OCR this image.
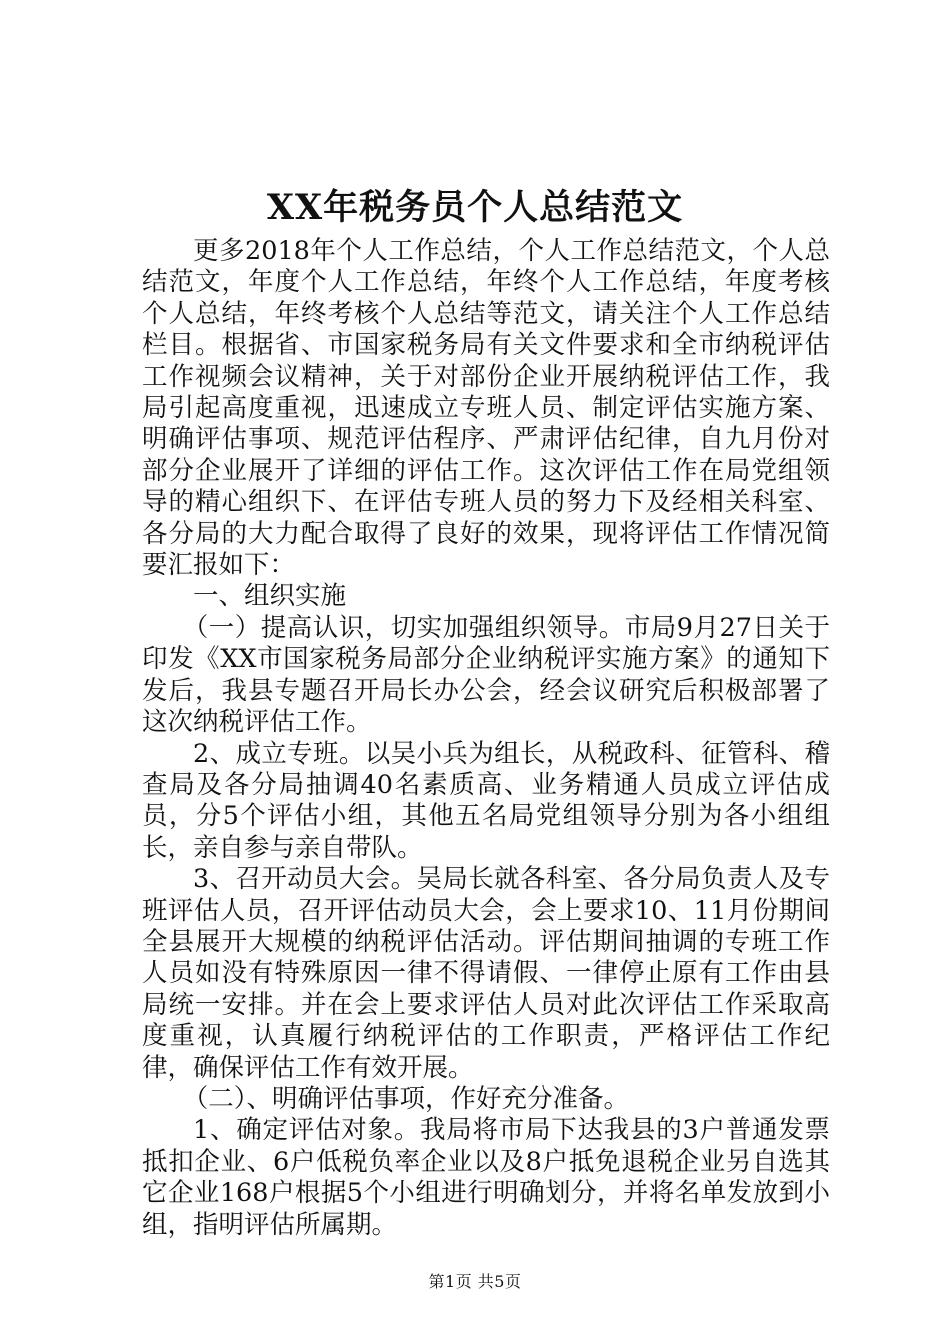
XX年税务员个人总结范文

更多2018年个人工作总结，个人工作总结范文，个人总结范文，年度个人工作总结，年终个人工作总结，年度考核个人总结，年终考核个人总结等范文，请关注个人工作总结栏目。根据省、市国家税务局有关文件要求和全市纳税评估工作视频会议精神，关于对部份企业开展纳税评估工作，我局引起高度重视，迅速成立专班人员、制定评估实施方案、明确评估事项、规范评估程序、严肃评估纪律，自九月份对部分企业展开了详细的评估工作。这次评估工作在局党组领导的精心组织下、在评估专班人员的努力下及经相关科室、各分局的大力配合取得了良好的效果，现将评估工作情况简要汇报如下：

一、组织实施

（一）提高认识，切实加强组织领导。市局9月27日关于印发《XX市国家税务局部分企业纳税评实施方案》的通知下发后，我县专题召开局长办公会，经会议研究后积极部署了这次纳税评估工作。

2、成立专班。以吴小兵为组长，从税政科、征管科、稽查局及各分局抽调40名素质高、业务精通人员成立评估成员，分5个评估小组，其他五名局党组领导分别为各小组组长，亲自参与亲自带队。

3、召开动员大会。吴局长就各科室、各分局负责人及专班评估人员，召开评估动员大会，会上要求10、11月份期间全县展开大规模的纳税评估活动。评估期间抽调的专班工作人员如没有特殊原因一律不得请假、一律停止原有工作由县局统一安排。并在会上要求评估人员对此次评估工作采取高度重视，认真履行纳税评估的工作职责，严格评估工作纪律，确保评估工作有效开展。

（二）、明确评估事项，作好充分准备。

1、确定评估对象。我局将市局下达我县的3户普通发票抵扣企业、6户低税负率企业以及8户抵免退税企业另自选其它企业168户根据5个小组进行明确划分，并将名单发放到小组，指明评估所属期。

第1页 共5页
